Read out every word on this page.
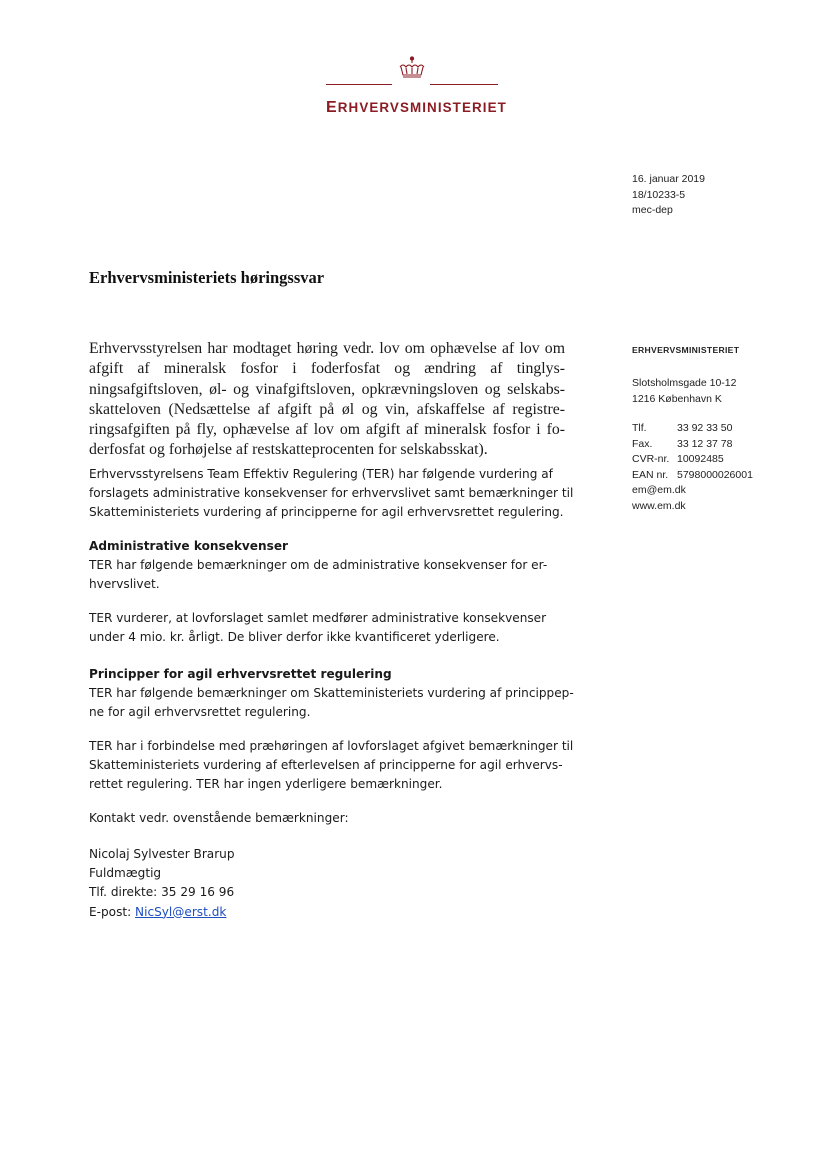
ERHVERVSMINISTERIET
16. januar 2019
18/10233-5
mec-dep
Erhvervsministeriets høringssvar
ERHVERVSMINISTERIET
Slotsholmsgade 10-12
1216 København K
Tlf.	33 92 33 50
Fax. 33 12 37 78
CVR-nr. 10092485
EAN nr. 5798000026001
em@em.dk
www.em.dk
Erhvervsstyrelsen har modtaget høring vedr. lov om ophævelse af lov om
afgift af mineralsk fosfor i foderfosfat og ændring af tinglys-
ningsafgiftsloven, øl- og vinafgiftsloven, opkrævningsloven og selskabs-
skatteloven (Nedsættelse af afgift på øl og vin, afskaffelse af registre-
ringsafgiften på fly, ophævelse af lov om afgift af mineralsk fosfor i fo-
derfosfat og forhøjelse af restskatteprocenten for selskabsskat).
Erhvervsstyrelsens Team Effektiv Regulering (TER) har følgende vurdering af
forslagets administrative konsekvenser for erhvervslivet samt bemærkninger til
Skatteministeriets vurdering af principperne for agil erhvervsrettet regulering.
Administrative konsekvenser
TER har følgende bemærkninger om de administrative konsekvenser for er-
hvervslivet.
TER vurderer, at lovforslaget samlet medfører administrative konsekvenser
under 4 mio. kr. årligt. De bliver derfor ikke kvantificeret yderligere.
Principper for agil erhvervsrettet regulering
TER har følgende bemærkninger om Skatteministeriets vurdering af princippер-
ne for agil erhvervsrettet regulering.
TER har i forbindelse med præhøringen af lovforslaget afgivet bemærkninger til
Skatteministeriets vurdering af efterlevelsen af principperne for agil erhvervs-
rettet regulering. TER har ingen yderligere bemærkninger.
Kontakt vedr. ovenstående bemærkninger:
Nicolaj Sylvester Brarup
Fuldmægtig
Tlf. direkte: 35 29 16 96
E-post: NicSyl@erst.dk
